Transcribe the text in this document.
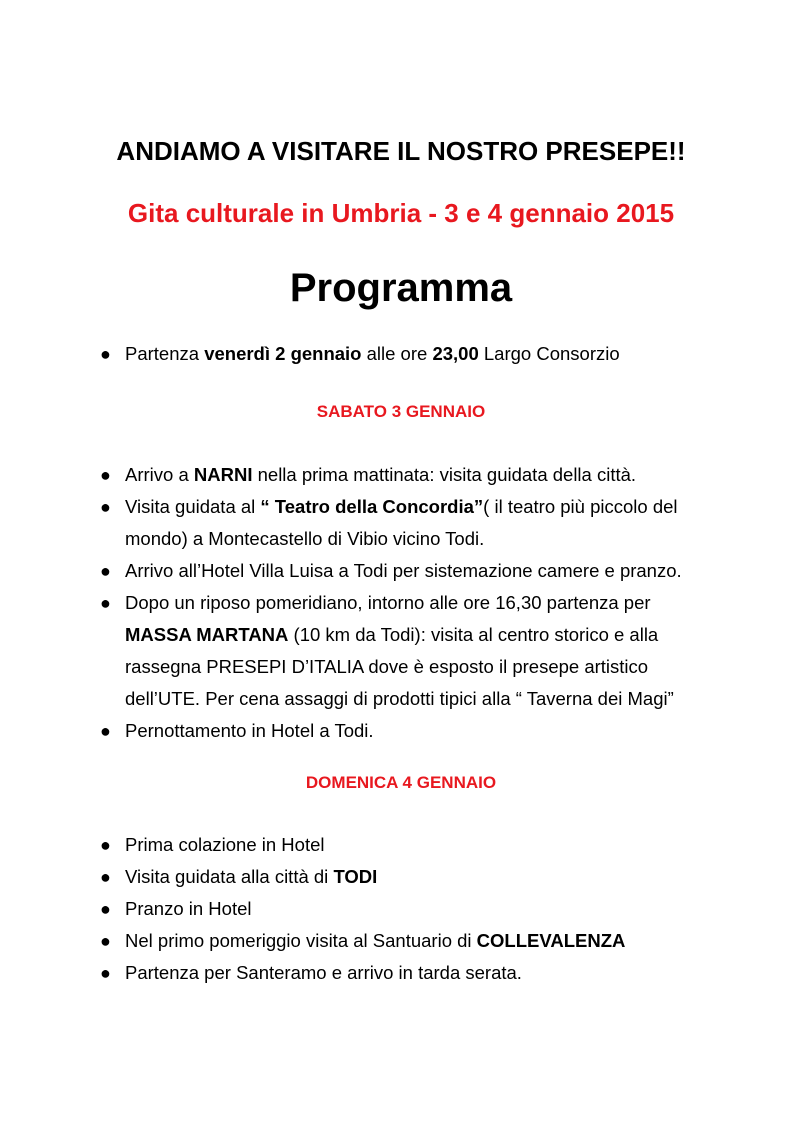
ANDIAMO A VISITARE IL NOSTRO PRESEPE!!
Gita culturale in Umbria - 3 e 4 gennaio 2015
Programma
● Partenza venerdì 2 gennaio alle ore 23,00 Largo Consorzio
SABATO 3 GENNAIO
● Arrivo a NARNI nella prima mattinata: visita guidata della città.
● Visita guidata al “ Teatro della Concordia”( il teatro più piccolo del mondo) a Montecastello di Vibio vicino Todi.
● Arrivo all’Hotel Villa Luisa a Todi per sistemazione camere e pranzo.
● Dopo un riposo pomeridiano, intorno alle ore 16,30 partenza per MASSA MARTANA (10 km da Todi): visita al centro storico e alla rassegna PRESEPI D’ITALIA dove è esposto il presepe artistico dell’UTE. Per cena assaggi di prodotti tipici alla “ Taverna dei Magi”
● Pernottamento in Hotel a Todi.
DOMENICA 4 GENNAIO
● Prima colazione in Hotel
● Visita guidata alla città di TODI
● Pranzo in Hotel
● Nel primo pomeriggio visita al Santuario di COLLEVALENZA
● Partenza per Santeramo e arrivo in tarda serata.
